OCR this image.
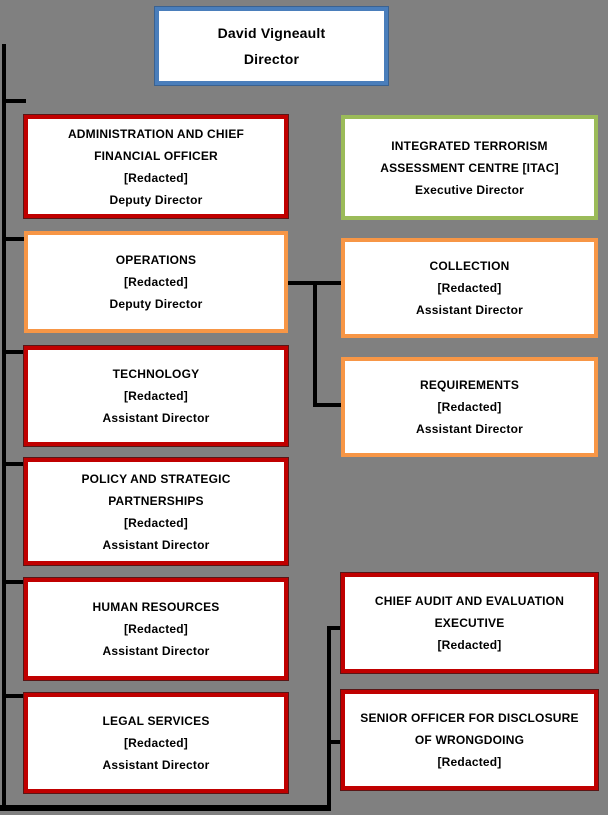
David Vigneault
Director
ADMINISTRATION AND CHIEF
FINANCIAL OFFICER
[Redacted]
Deputy Director
OPERATIONS
[Redacted]
Deputy Director
TECHNOLOGY
[Redacted]
Assistant Director
POLICY AND STRATEGIC
PARTNERSHIPS
[Redacted]
Assistant Director
HUMAN RESOURCES
[Redacted]
Assistant Director
LEGAL SERVICES
[Redacted]
Assistant Director
INTEGRATED TERRORISM
ASSESSMENT CENTRE [ITAC]
Executive Director
COLLECTION
[Redacted]
Assistant Director
REQUIREMENTS
[Redacted]
Assistant Director
CHIEF AUDIT AND EVALUATION
EXECUTIVE
[Redacted]
SENIOR OFFICER FOR DISCLOSURE
OF WRONGDOING
[Redacted]
